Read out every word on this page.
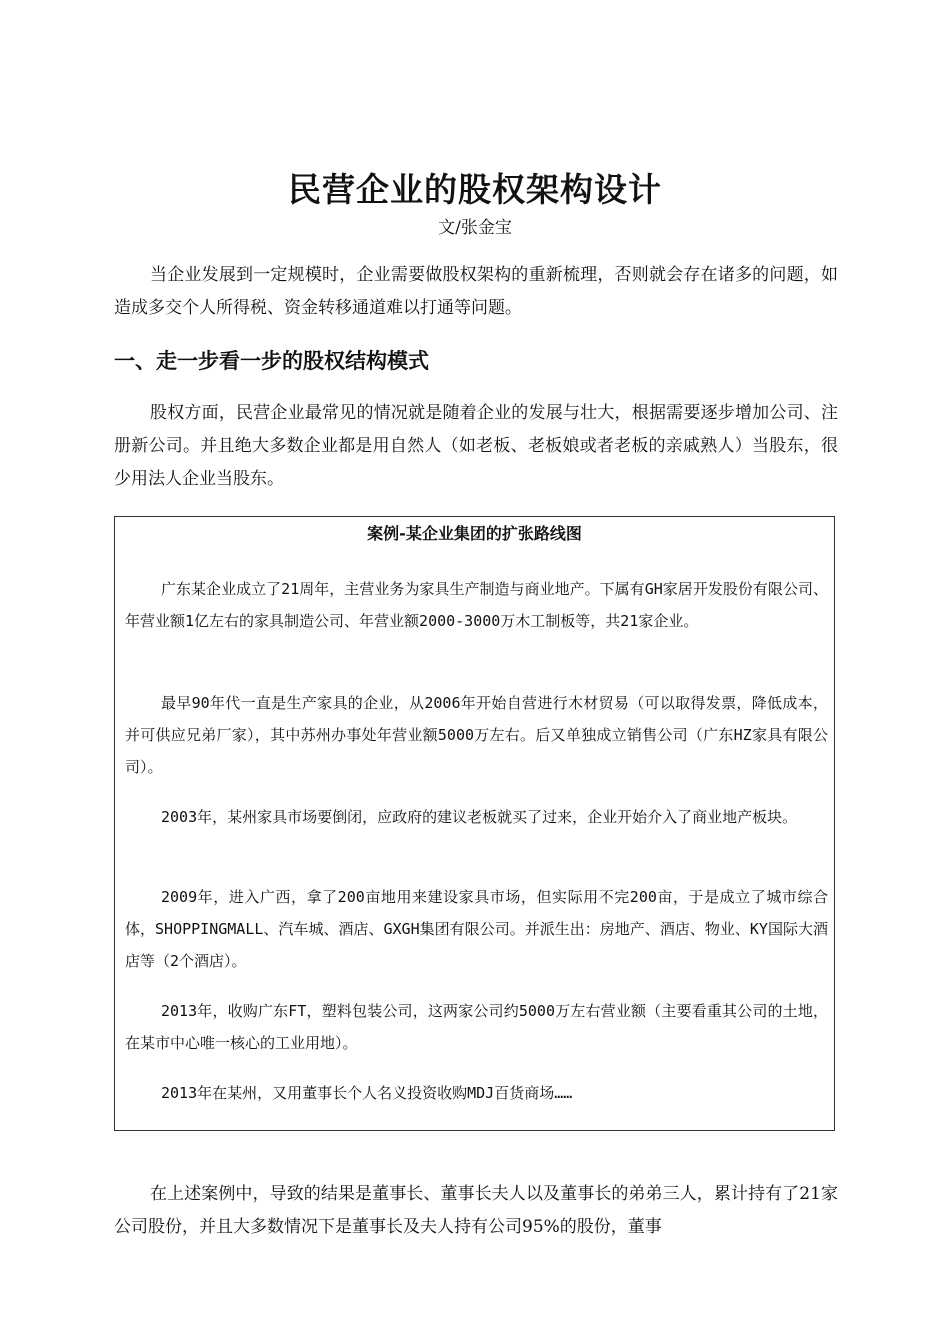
民营企业的股权架构设计
文/张金宝

当企业发展到一定规模时，企业需要做股权架构的重新梳理，否则就会存在诸多的问题，如造成多交个人所得税、资金转移通道难以打通等问题。

一、走一步看一步的股权结构模式

股权方面，民营企业最常见的情况就是随着企业的发展与壮大，根据需要逐步增加公司、注册新公司。并且绝大多数企业都是用自然人（如老板、老板娘或者老板的亲戚熟人）当股东，很少用法人企业当股东。

案例-某企业集团的扩张路线图

广东某企业成立了21周年，主营业务为家具生产制造与商业地产。下属有GH家居开发股份有限公司、年营业额1亿左右的家具制造公司、年营业额2000-3000万木工制板等，共21家企业。

最早90年代一直是生产家具的企业，从2006年开始自营进行木材贸易（可以取得发票，降低成本，并可供应兄弟厂家），其中苏州办事处年营业额5000万左右。后又单独成立销售公司（广东HZ家具有限公司）。

2003年，某州家具市场要倒闭，应政府的建议老板就买了过来，企业开始介入了商业地产板块。

2009年，进入广西，拿了200亩地用来建设家具市场，但实际用不完200亩，于是成立了城市综合体，SHOPPINGMALL、汽车城、酒店、GXGH集团有限公司。并派生出：房地产、酒店、物业、KY国际大酒店等（2个酒店）。

2013年，收购广东FT，塑料包装公司，这两家公司约5000万左右营业额（主要看重其公司的土地，在某市中心唯一核心的工业用地）。

2013年在某州，又用董事长个人名义投资收购MDJ百货商场……

在上述案例中，导致的结果是董事长、董事长夫人以及董事长的弟弟三人，累计持有了21家公司股份，并且大多数情况下是董事长及夫人持有公司95%的股份，董事
